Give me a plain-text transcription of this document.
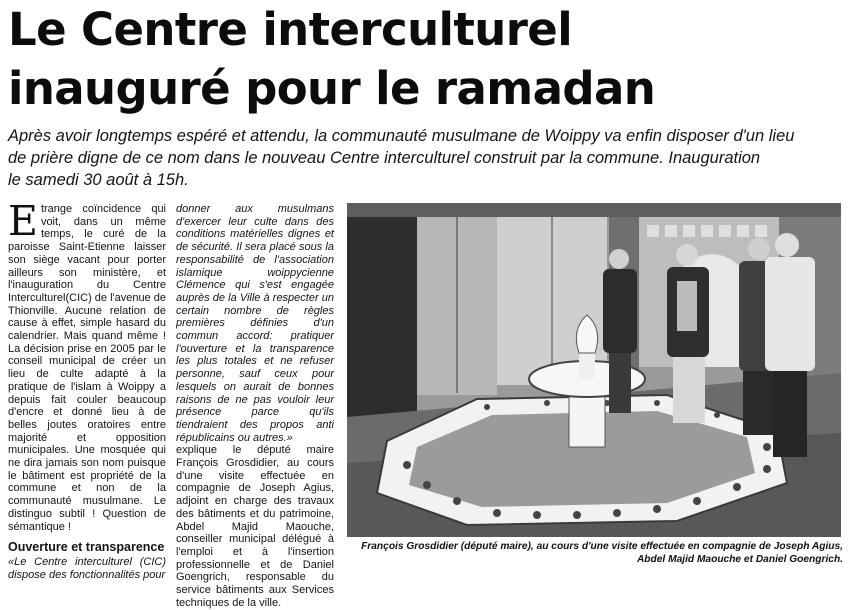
Le Centre interculturel
inauguré pour le ramadan
Après avoir longtemps espéré et attendu, la communauté musulmane de Woippy va enfin disposer d'un lieu
de prière digne de ce nom dans le nouveau Centre interculturel construit par la commune. Inauguration
le samedi 30 août à 15h.

Etrange coïncidence qui voit, dans un même temps, le curé de la paroisse Saint-Etienne laisser son siège vacant pour porter ailleurs son ministère, et l'inauguration du Centre Interculturel(CIC) de l'avenue de Thionville. Aucune relation de cause à effet, simple hasard du calendrier. Mais quand même ! La décision prise en 2005 par le conseil municipal de créer un lieu de culte adapté à la pratique de l'islam à Woippy a depuis fait couler beaucoup d'encre et donné lieu à de belles joutes oratoires entre majorité et opposition municipales. Une mosquée qui ne dira jamais son nom puisque le bâtiment est propriété de la commune et non de la communauté musulmane. Le distinguo subtil ! Question de sémantique !

Ouverture et transparence

«Le Centre interculturel (CIC) dispose des fonctionnalités pour

donner aux musulmans d'exercer leur culte dans des conditions matérielles dignes et de sécurité. Il sera placé sous la responsabilité de l'association islamique woippycienne Clémence qui s'est engagée auprès de la Ville à respecter un certain nombre de règles premières définies d'un commun accord: pratiquer l'ouverture et la transparence les plus totales et ne refuser personne, sauf ceux pour lesquels on aurait de bonnes raisons de ne pas vouloir leur présence parce qu'ils tiendraient des propos anti républicains ou autres.»

explique le député maire François Grosdidier, au cours d'une visite effectuée en compagnie de Joseph Agius, adjoint en charge des travaux des bâtiments et du patrimoine, Abdel Majid Maouche, conseiller municipal délégué à l'emploi et à l'insertion professionnelle et de Daniel Goengrich, responsable du service bâtiments aux Services techniques de la ville.

François Grosdidier (député maire), au cours d'une visite effectuée en compagnie de Joseph Agius,
Abdel Majid Maouche et Daniel Goengrich.
